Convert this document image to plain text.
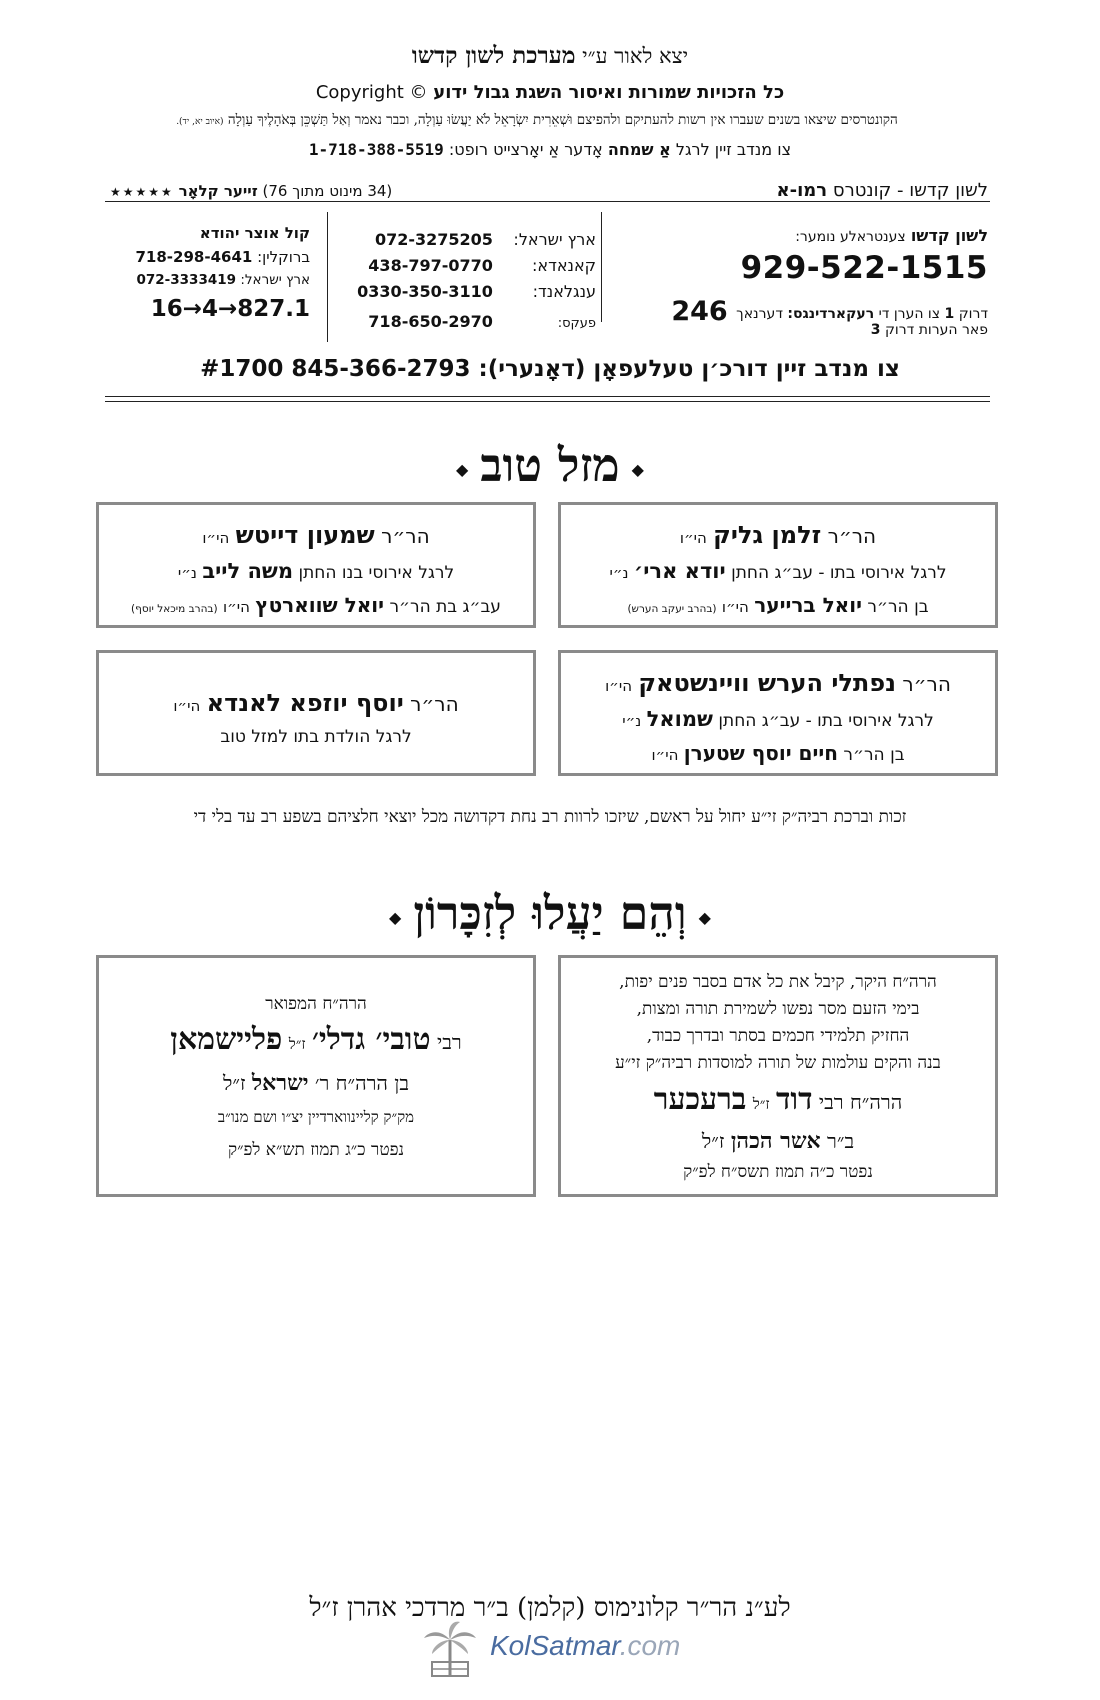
יצא לאור ע״י מערכת לשון קדשו
כל הזכויות שמורות ואיסור השגת גבול ידוע Copyright ©
הקונטרסים שיצאו בשנים שעברו אין רשות להעתיקם ולהפיצם וּשְׁאֵרִית יִשְׂרָאֵל לֹא יַעֲשׂוּ עַוְלָה, וכבר נאמר וְאַל תַּשְׁכֵּן בְּאֹהָלֶיךָ עַוְלָה (איוב יא, יד).
צו מנדב זיין לרגל אַ שמחה אָדער אַ יאָרצייט רופט: 1-718-388-5519
לשון קדשו - קונטרס רמו-א
(34 מינוט מתוך 76) זייער קלאָר ★★★★★
לשון קדשו צענטראלע נומער:
929-522-1515
דרוק 1 צו הערן די רעקארדינגס: דערנאך 246
פאר הערות דרוק 3
ארץ ישראל: 072-3275205
קאנאדא: 438-797-0770
ענגלאנד: 0330-350-3110
פעקס: 718-650-2970
קול אוצר יהודא
ברוקלין: 718-298-4641
ארץ ישראל: 072-3333419
16→4→827.1
צו מנדב זיין דורכ׳ן טעלעפאָן (דאָנערי): #1700 845-366-2793
◆מזל טוב◆
הר״ר זלמן גליק הי״ו
לרגל אירוסי בתו - עב״ג החתן יודא ארי׳ נ״י
בן הר״ר יואל ברייער הי״ו (בהרב יעקב הערש)
הר״ר שמעון דייטש הי״ו
לרגל אירוסי בנו החתן משה לייב נ״י
עב״ג בת הר״ר יואל שווארטץ הי״ו (בהרב מיכאל יוסף)
הר״ר נפתלי הערש וויינשטאק הי״ו
לרגל אירוסי בתו - עב״ג החתן שמואל נ״י
בן הר״ר חיים יוסף שטערן הי״ו
הר״ר יוסף יוזפא לאנדא הי״ו
לרגל הולדת בתו למזל טוב
זכות וברכת רביה״ק זי״ע יחול על ראשם, שיזכו לרוות רב נחת דקדושה מכל יוצאי חלציהם בשפע רב עד בלי די
◆וְהֵם יַעֲלוּ לְזִכָּרוֹן◆
הרה״ח היקר, קיבל את כל אדם בסבר פנים יפות,
בימי הזעם מסר נפשו לשמירת תורה ומצות,
החזיק תלמידי חכמים בסתר ובדרך כבוד,
בנה והקים עולמות של תורה למוסדות רביה״ק זי״ע
הרה״ח רבי דוד ז״ל ברעכער
ב״ר אשר הכהן ז״ל
נפטר כ״ה תמוז תשס״ח לפ״ק
הרה״ח המפואר
רבי טובי׳ גדלי׳ ז״ל פליישמאן
בן הרה״ח ר׳ ישראל ז״ל
מק״ק קליינווארדיין יצ״ו ושם מנו״ב
נפטר כ״ג תמוז תש״א לפ״ק
לע״נ הר״ר קלונימוס (קלמן) ב״ר מרדכי אהרן ז״ל
KolSatmar.com
